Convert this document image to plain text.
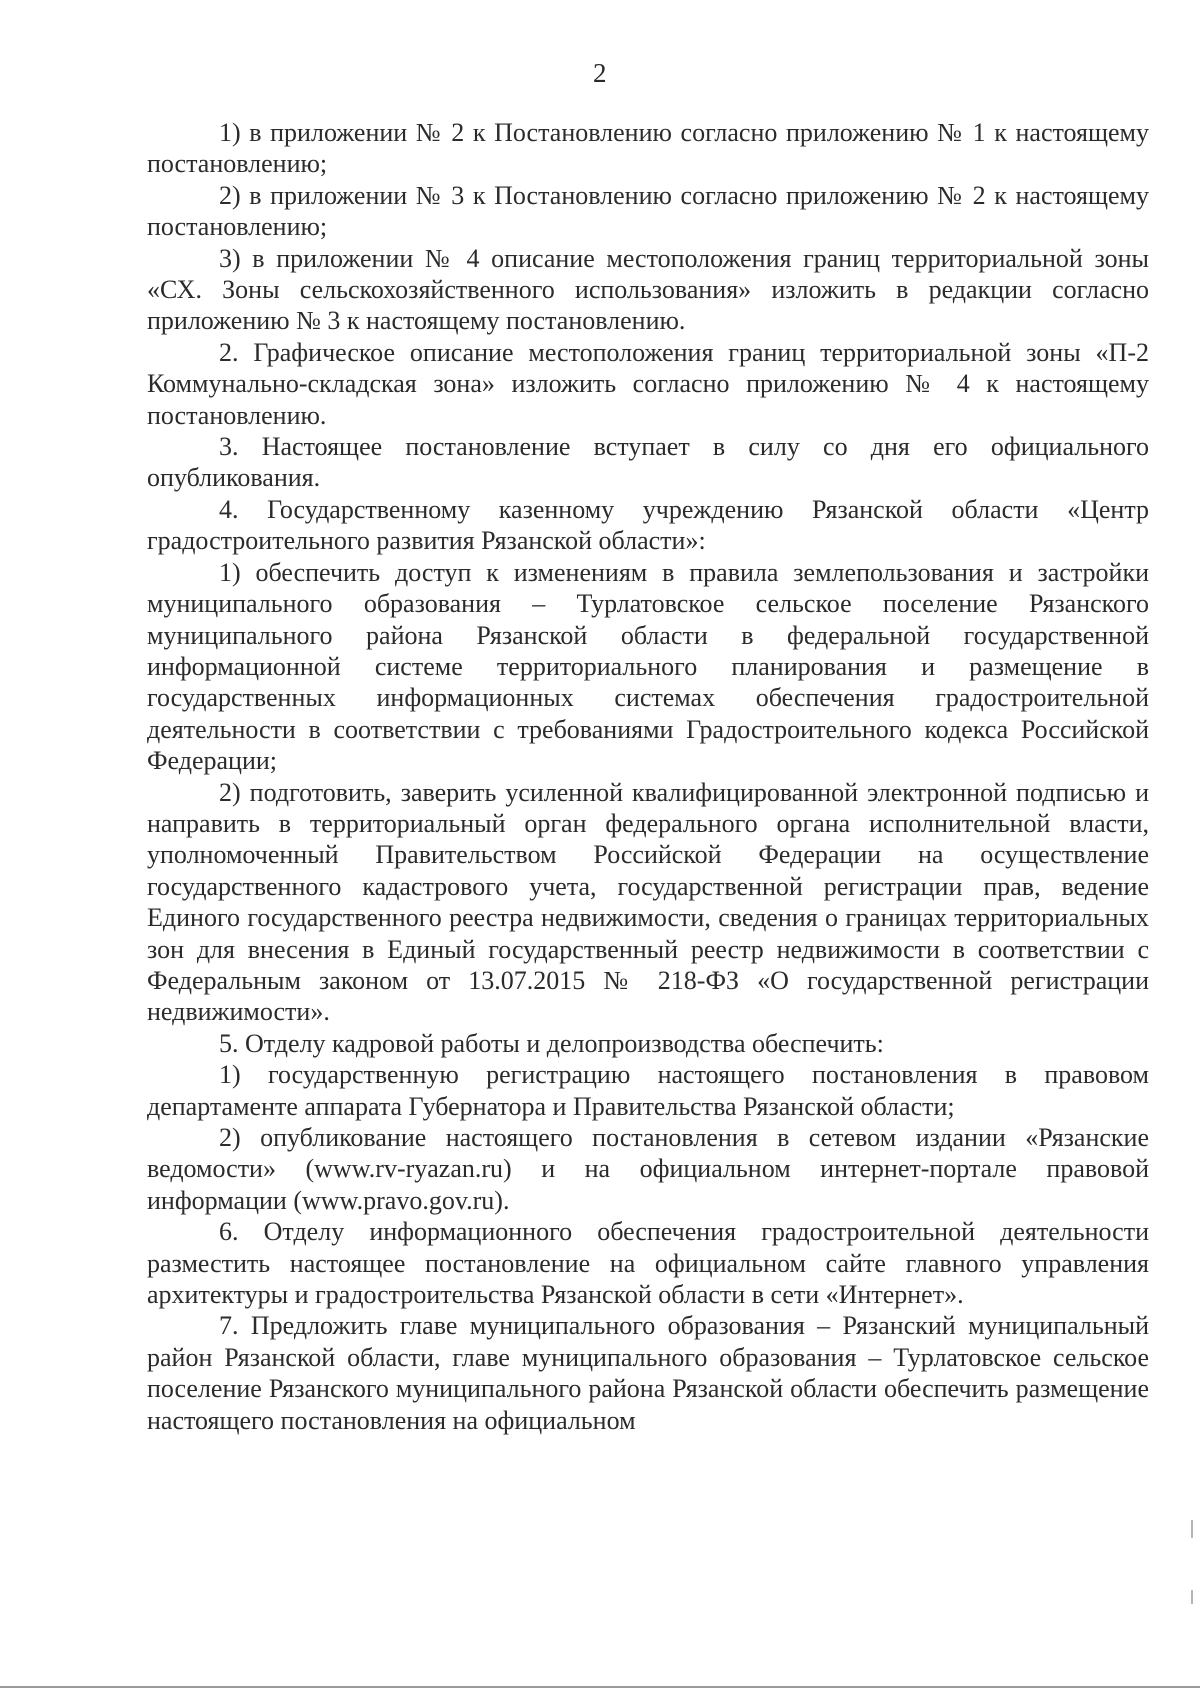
2

1) в приложении № 2 к Постановлению согласно приложению № 1 к настоящему постановлению;

2) в приложении № 3 к Постановлению согласно приложению № 2 к настоящему постановлению;

3) в приложении № 4 описание местоположения границ территориальной зоны «СХ. Зоны сельскохозяйственного использования» изложить в редакции согласно приложению № 3 к настоящему постановлению.

2. Графическое описание местоположения границ территориальной зоны «П-2 Коммунально-складская зона» изложить согласно приложению № 4 к настоящему постановлению.

3. Настоящее постановление вступает в силу со дня его официального опубликования.

4. Государственному казенному учреждению Рязанской области «Центр градостроительного развития Рязанской области»:

1) обеспечить доступ к изменениям в правила землепользования и застройки муниципального образования – Турлатовское сельское поселение Рязанского муниципального района Рязанской области в федеральной государственной информационной системе территориального планирования и размещение в государственных информационных системах обеспечения градостроительной деятельности в соответствии с требованиями Градостроительного кодекса Российской Федерации;

2) подготовить, заверить усиленной квалифицированной электронной подписью и направить в территориальный орган федерального органа исполнительной власти, уполномоченный Правительством Российской Федерации на осуществление государственного кадастрового учета, государственной регистрации прав, ведение Единого государственного реестра недвижимости, сведения о границах территориальных зон для внесения в Единый государственный реестр недвижимости в соответствии с Федеральным законом от 13.07.2015 № 218-ФЗ «О государственной регистрации недвижимости».

5. Отделу кадровой работы и делопроизводства обеспечить:

1) государственную регистрацию настоящего постановления в правовом департаменте аппарата Губернатора и Правительства Рязанской области;

2) опубликование настоящего постановления в сетевом издании «Рязанские ведомости» (www.rv-ryazan.ru) и на официальном интернет-портале правовой информации (www.pravo.gov.ru).

6. Отделу информационного обеспечения градостроительной деятельности разместить настоящее постановление на официальном сайте главного управления архитектуры и градостроительства Рязанской области в сети «Интернет».

7. Предложить главе муниципального образования – Рязанский муниципальный район Рязанской области, главе муниципального образования – Турлатовское сельское поселение Рязанского муниципального района Рязанской области обеспечить размещение настоящего постановления на официальном
